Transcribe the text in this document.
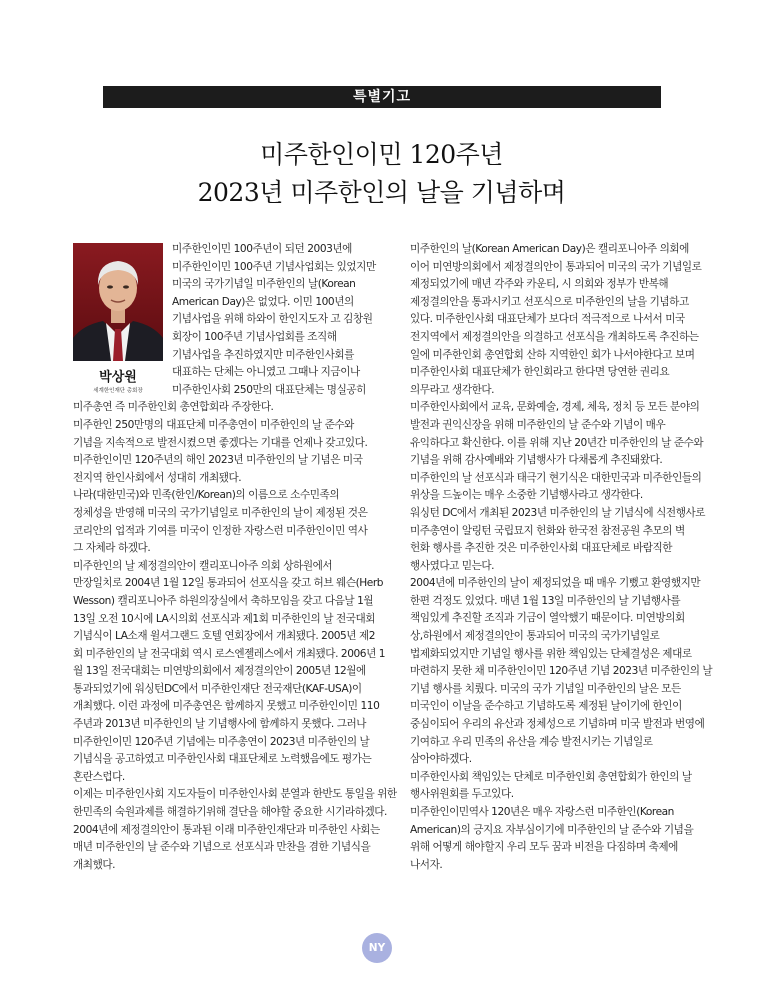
특별기고
미주한인이민 120주년
2023년 미주한인의 날을 기념하며
박상원
세계한인재단 총회장
미주한인이민 100주년이 되던 2003년에
미주한인이민 100주년 기념사업회는 있었지만
미국의 국가기념일 미주한인의 날(Korean
American Day)은 없었다. 이민 100년의
기념사업을 위해 하와이 한인지도자 고 김창원
회장이 100주년 기념사업회를 조직해
기념사업을 추진하였지만 미주한인사회를
대표하는 단체는 아니였고 그때나 지금이나
미주한인사회 250만의 대표단체는 명실공히
미주총연 즉 미주한인회 총연합회라 주장한다.
미주한인 250만명의 대표단체 미주총연이 미주한인의 날 준수와
기념을 지속적으로 발전시켰으면 좋겠다는 기대를 언제나 갖고있다.
미주한인이민 120주년의 해인 2023년 미주한인의 날 기념은 미국
전지역 한인사회에서 성대히 개최됐다.
나라(대한민국)와 민족(한인/Korean)의 이름으로 소수민족의
정체성을 반영해 미국의 국가기념일로 미주한인의 날이 제정된 것은
코리안의 업적과 기여를 미국이 인정한 자랑스런 미주한인이민 역사
그 자체라 하겠다.
미주한인의 날 제정결의안이 캘리포니아주 의회 상하원에서
만장일치로 2004년 1월 12일 통과되어 선포식을 갖고 허브 웨슨(Herb
Wesson) 캘리포니아주 하원의장실에서 축하모임을 갖고 다음날 1월
13일 오전 10시에 LA시의회 선포식과 제1회 미주한인의 날 전국대회
기념식이 LA소재 윌셔그랜드 호텔 연회장에서 개최됐다. 2005년 제2
회 미주한인의 날 전국대회 역시 로스엔젤레스에서 개최됐다. 2006년 1
월 13일 전국대회는 미연방의회에서 제정결의안이 2005년 12월에
통과되었기에 워싱턴DC에서 미주한인재단 전국재단(KAF-USA)이
개최했다. 이런 과정에 미주총연은 함께하지 못했고 미주한인이민 110
주년과 2013년 미주한인의 날 기념행사에 함께하지 못했다. 그러나
미주한인이민 120주년 기념에는 미주총연이 2023년 미주한인의 날
기념식을 공고하였고 미주한인사회 대표단체로 노력했음에도 평가는
혼란스럽다.
이제는 미주한인사회 지도자들이 미주한인사회 분열과 한반도 통일을 위한
한민족의 숙원과제를 해결하기위해 결단을 해야할 중요한 시기라하겠다.
2004년에 제정결의안이 통과된 이래 미주한인재단과 미주한인 사회는
매년 미주한인의 날 준수와 기념으로 선포식과 만찬을 겸한 기념식을
개최했다.
미주한인의 날(Korean American Day)은 캘리포니아주 의회에
이어 미연방의회에서 제정결의안이 통과되어 미국의 국가 기념일로
제정되었기에 매년 각주와 카운티, 시 의회와 정부가 반복해
제정결의안을 통과시키고 선포식으로 미주한인의 날을 기념하고
있다. 미주한인사회 대표단체가 보다더 적극적으로 나서서 미국
전지역에서 제정결의안을 의결하고 선포식을 개최하도록 추진하는
일에 미주한인회 총연합회 산하 지역한인 회가 나서야한다고 보며
미주한인사회 대표단체가 한인회라고 한다면 당연한 권리요
의무라고 생각한다.
미주한인사회에서 교육, 문화예술, 경제, 체육, 정치 등 모든 분야의
발전과 권익신장을 위해 미주한인의 날 준수와 기념이 매우
유익하다고 확신한다. 이를 위해 지난 20년간 미주한인의 날 준수와
기념을 위해 감사예배와 기념행사가 다채롭게 추진돼왔다.
미주한인의 날 선포식과 태극기 현기식은 대한민국과 미주한인들의
위상을 드높이는 매우 소중한 기념행사라고 생각한다.
워싱턴 DC에서 개최된 2023년 미주한인의 날 기념식에 식전행사로
미주총연이 알링턴 국립묘지 헌화와 한국전 참전공원 추모의 벽
헌화 행사를 추진한 것은 미주한인사회 대표단체로 바람직한
행사였다고 믿는다.
2004년에 미주한인의 날이 제정되었을 때 매우 기뻤고 환영했지만
한편 걱정도 있었다. 매년 1월 13일 미주한인의 날 기념행사를
책임있게 추진할 조직과 기금이 열악했기 때문이다. 미연방의회
상,하원에서 제정결의안이 통과되어 미국의 국가기념일로
법제화되었지만 기념일 행사를 위한 책임있는 단체결성은 제대로
마련하지 못한 채 미주한인이민 120주년 기념 2023년 미주한인의 날
기념 행사를 치뤘다. 미국의 국가 기념일 미주한인의 날은 모든
미국인이 이날을 준수하고 기념하도록 제정된 날이기에 한인이
중심이되어 우리의 유산과 정체성으로 기념하며 미국 발전과 번영에
기여하고 우리 민족의 유산을 계승 발전시키는 기념일로
삼아야하겠다.
미주한인사회 책임있는 단체로 미주한인회 총연합회가 한인의 날
행사위원회를 두고있다.
미주한인이민역사 120년은 매우 자랑스런 미주한인(Korean
American)의 긍지요 자부심이기에 미주한인의 날 준수와 기념을
위해 어떻게 해야할지 우리 모두 꿈과 비전을 다짐하며 축제에
나서자.
NY
